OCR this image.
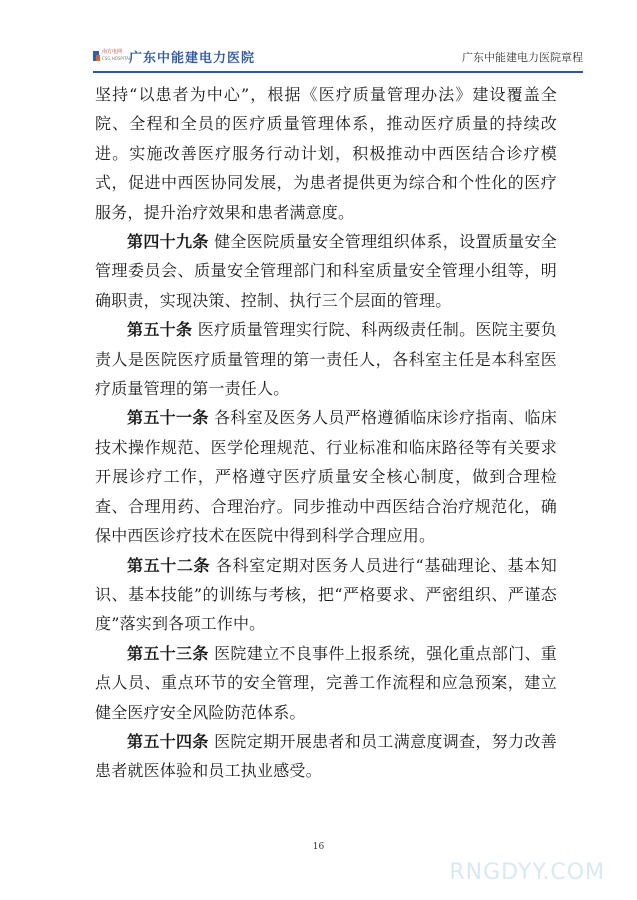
南方电网
CSG HOSPITAL
广东中能建电力医院	广东中能建电力医院章程

坚持“以患者为中心”，根据《医疗质量管理办法》建设覆盖全院、全程和全员的医疗质量管理体系，推动医疗质量的持续改进。实施改善医疗服务行动计划，积极推动中西医结合诊疗模式，促进中西医协同发展，为患者提供更为综合和个性化的医疗服务，提升治疗效果和患者满意度。

第四十九条 健全医院质量安全管理组织体系，设置质量安全管理委员会、质量安全管理部门和科室质量安全管理小组等，明确职责，实现决策、控制、执行三个层面的管理。

第五十条 医疗质量管理实行院、科两级责任制。医院主要负责人是医院医疗质量管理的第一责任人，各科室主任是本科室医疗质量管理的第一责任人。

第五十一条 各科室及医务人员严格遵循临床诊疗指南、临床技术操作规范、医学伦理规范、行业标准和临床路径等有关要求开展诊疗工作，严格遵守医疗质量安全核心制度，做到合理检查、合理用药、合理治疗。同步推动中西医结合治疗规范化，确保中西医诊疗技术在医院中得到科学合理应用。

第五十二条 各科室定期对医务人员进行“基础理论、基本知识、基本技能”的训练与考核，把“严格要求、严密组织、严谨态度”落实到各项工作中。

第五十三条 医院建立不良事件上报系统，强化重点部门、重点人员、重点环节的安全管理，完善工作流程和应急预案，建立健全医疗安全风险防范体系。

第五十四条 医院定期开展患者和员工满意度调查，努力改善患者就医体验和员工执业感受。

16
RNGDYY.COM
